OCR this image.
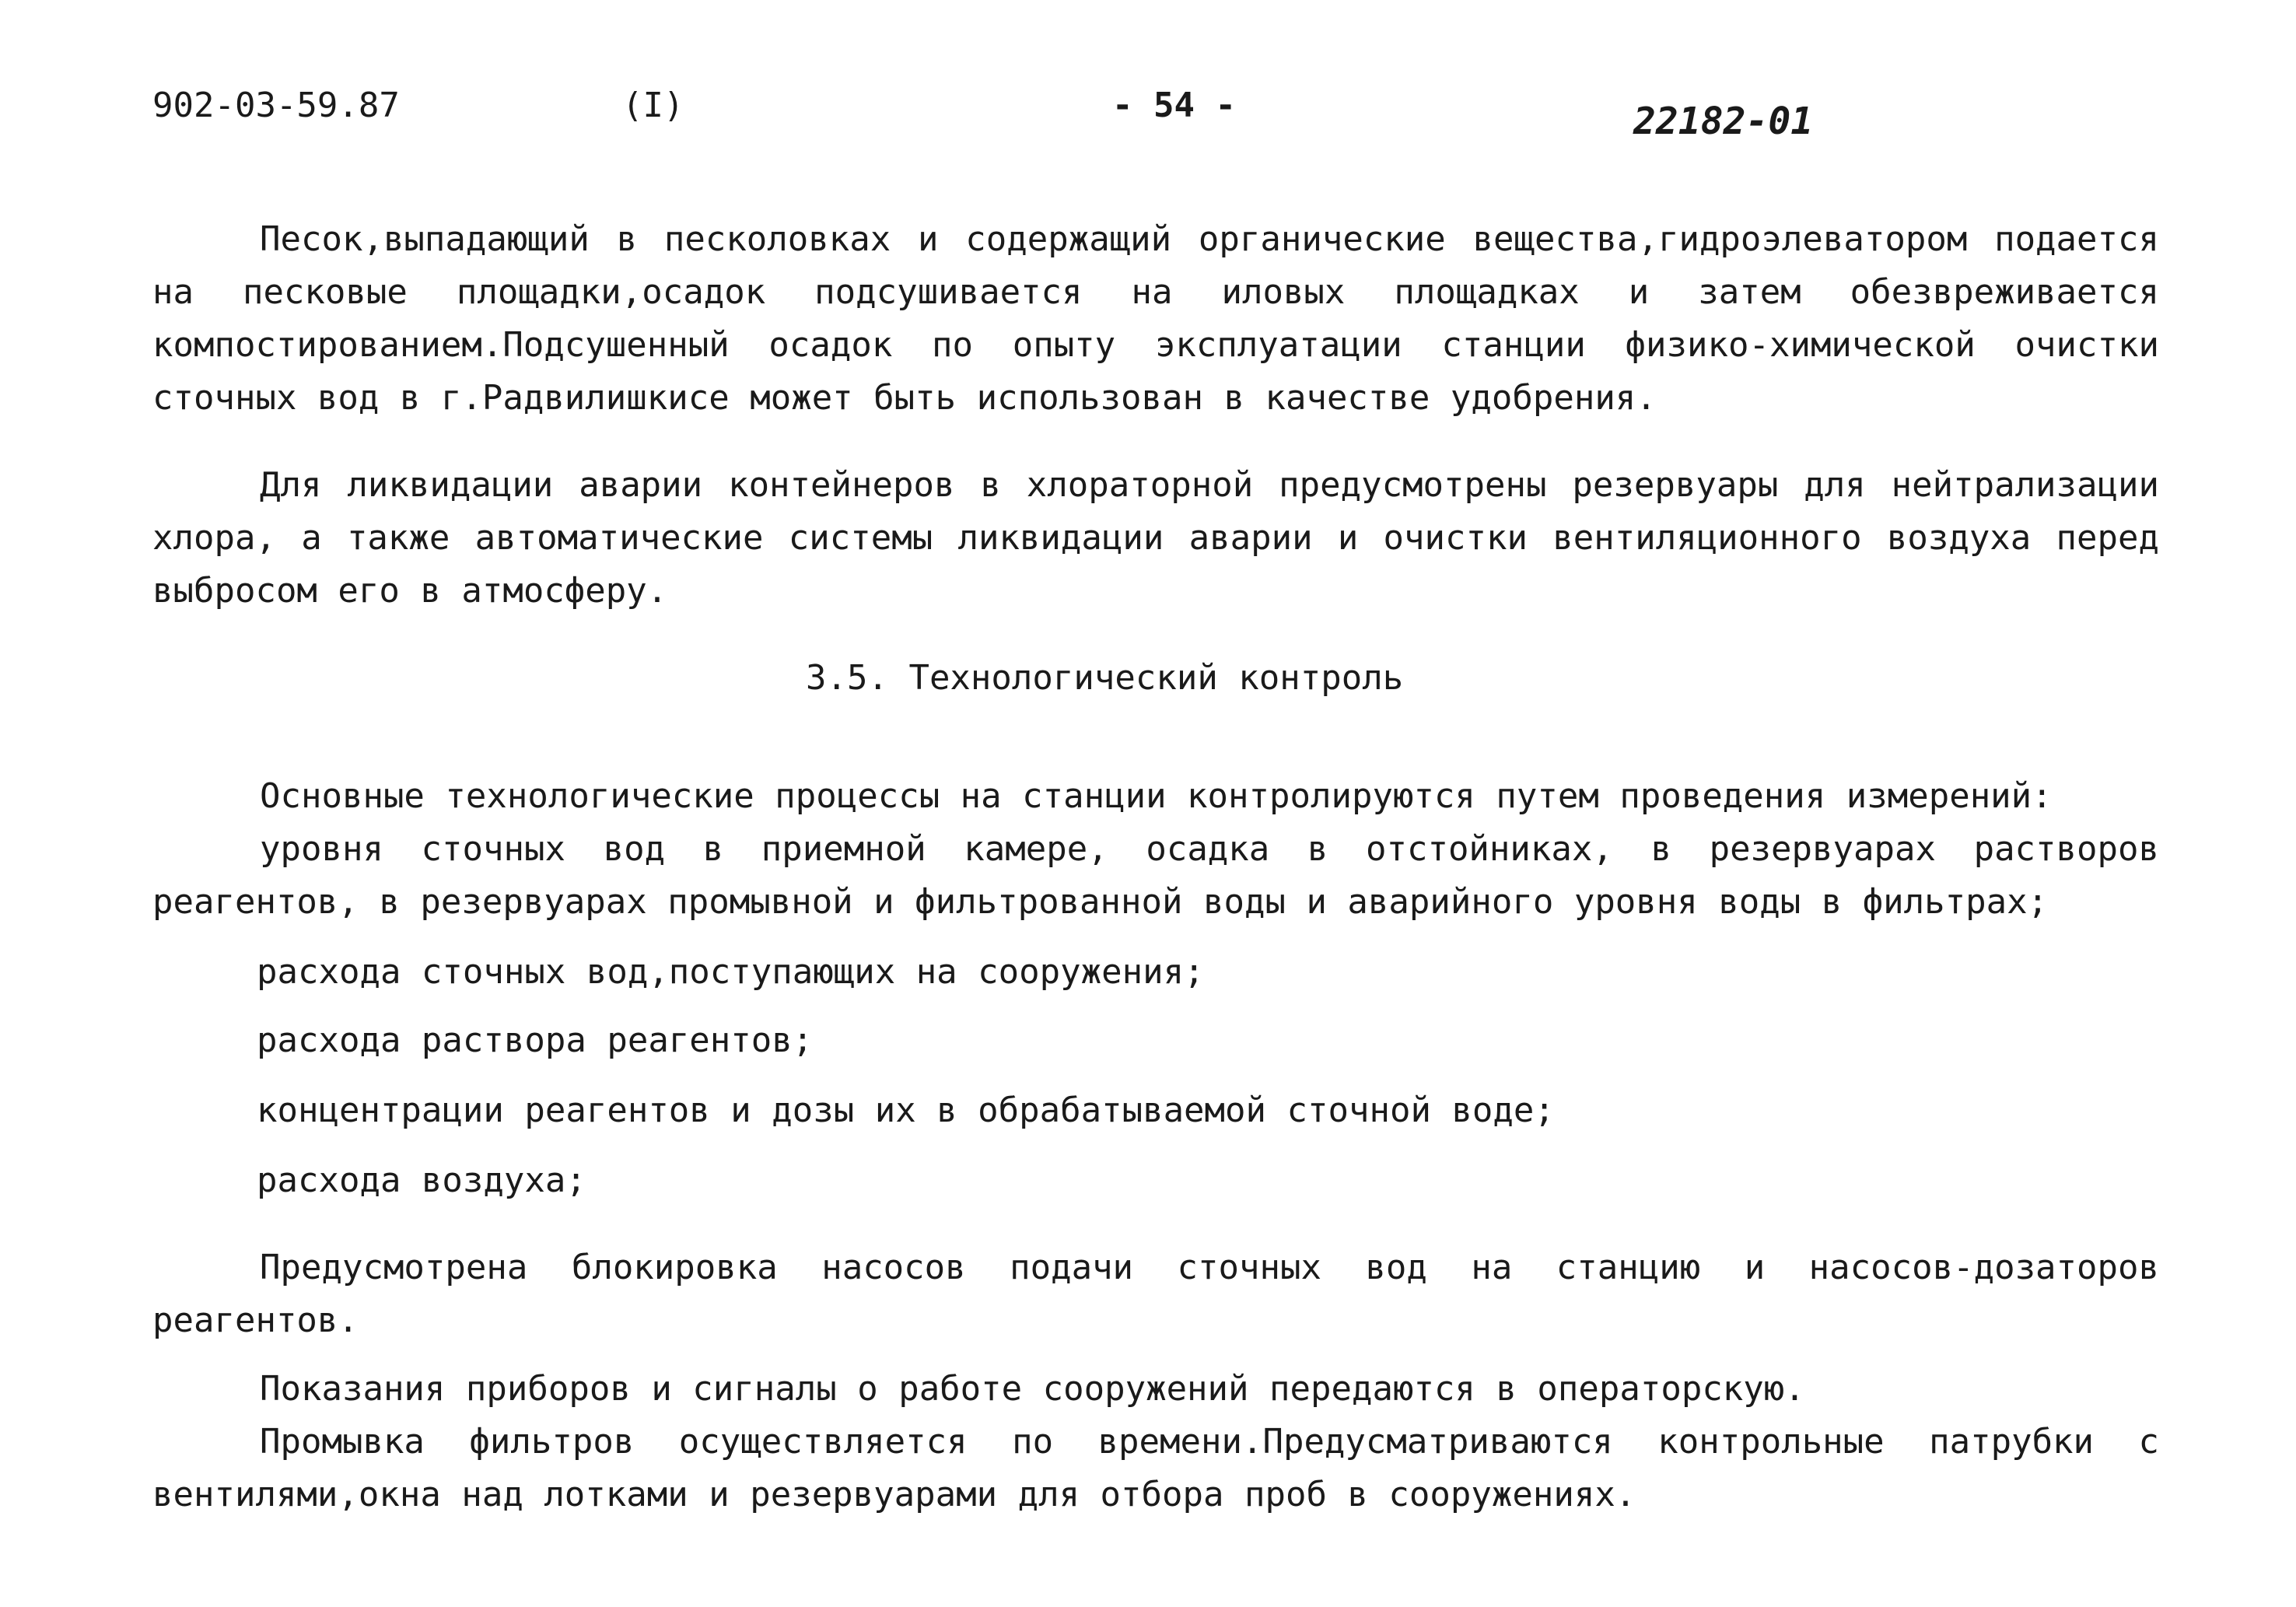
902-03-59.87	(I)	- 54 -	22182-01

Песок,выпадающий в песколовках и содержащий органические вещества,гидроэлеватором подается на песковые площадки,осадок подсушивается на иловых площадках и затем обезвреживается компостированием.Подсушенный осадок по опыту эксплуатации станции физико-химической очистки сточных вод в г.Радвилишкисе может быть использован в качестве удобрения.

Для ликвидации аварии контейнеров в хлораторной предусмотрены резервуары для нейтрализации хлора, а также автоматические системы ликвидации аварии и очистки вентиляционного воздуха перед выбросом его в атмосферу.

3.5. Технологический контроль

Основные технологические процессы на станции контролируются путем проведения измерений:

уровня сточных вод в приемной камере, осадка в отстойниках, в резервуарах растворов реагентов, в резервуарах промывной и фильтрованной воды и аварийного уровня воды в фильтрах;

расхода сточных вод,поступающих на сооружения;

расхода раствора реагентов;

концентрации реагентов и дозы их в обрабатываемой сточной воде;

расхода воздуха;

Предусмотрена блокировка насосов подачи сточных вод на станцию и насосов-дозаторов реагентов.

Показания приборов и сигналы о работе сооружений передаются в операторскую.

Промывка фильтров осуществляется по времени.Предусматриваются контрольные патрубки с вентилями,окна над лотками и резервуарами для отбора проб в сооружениях.
